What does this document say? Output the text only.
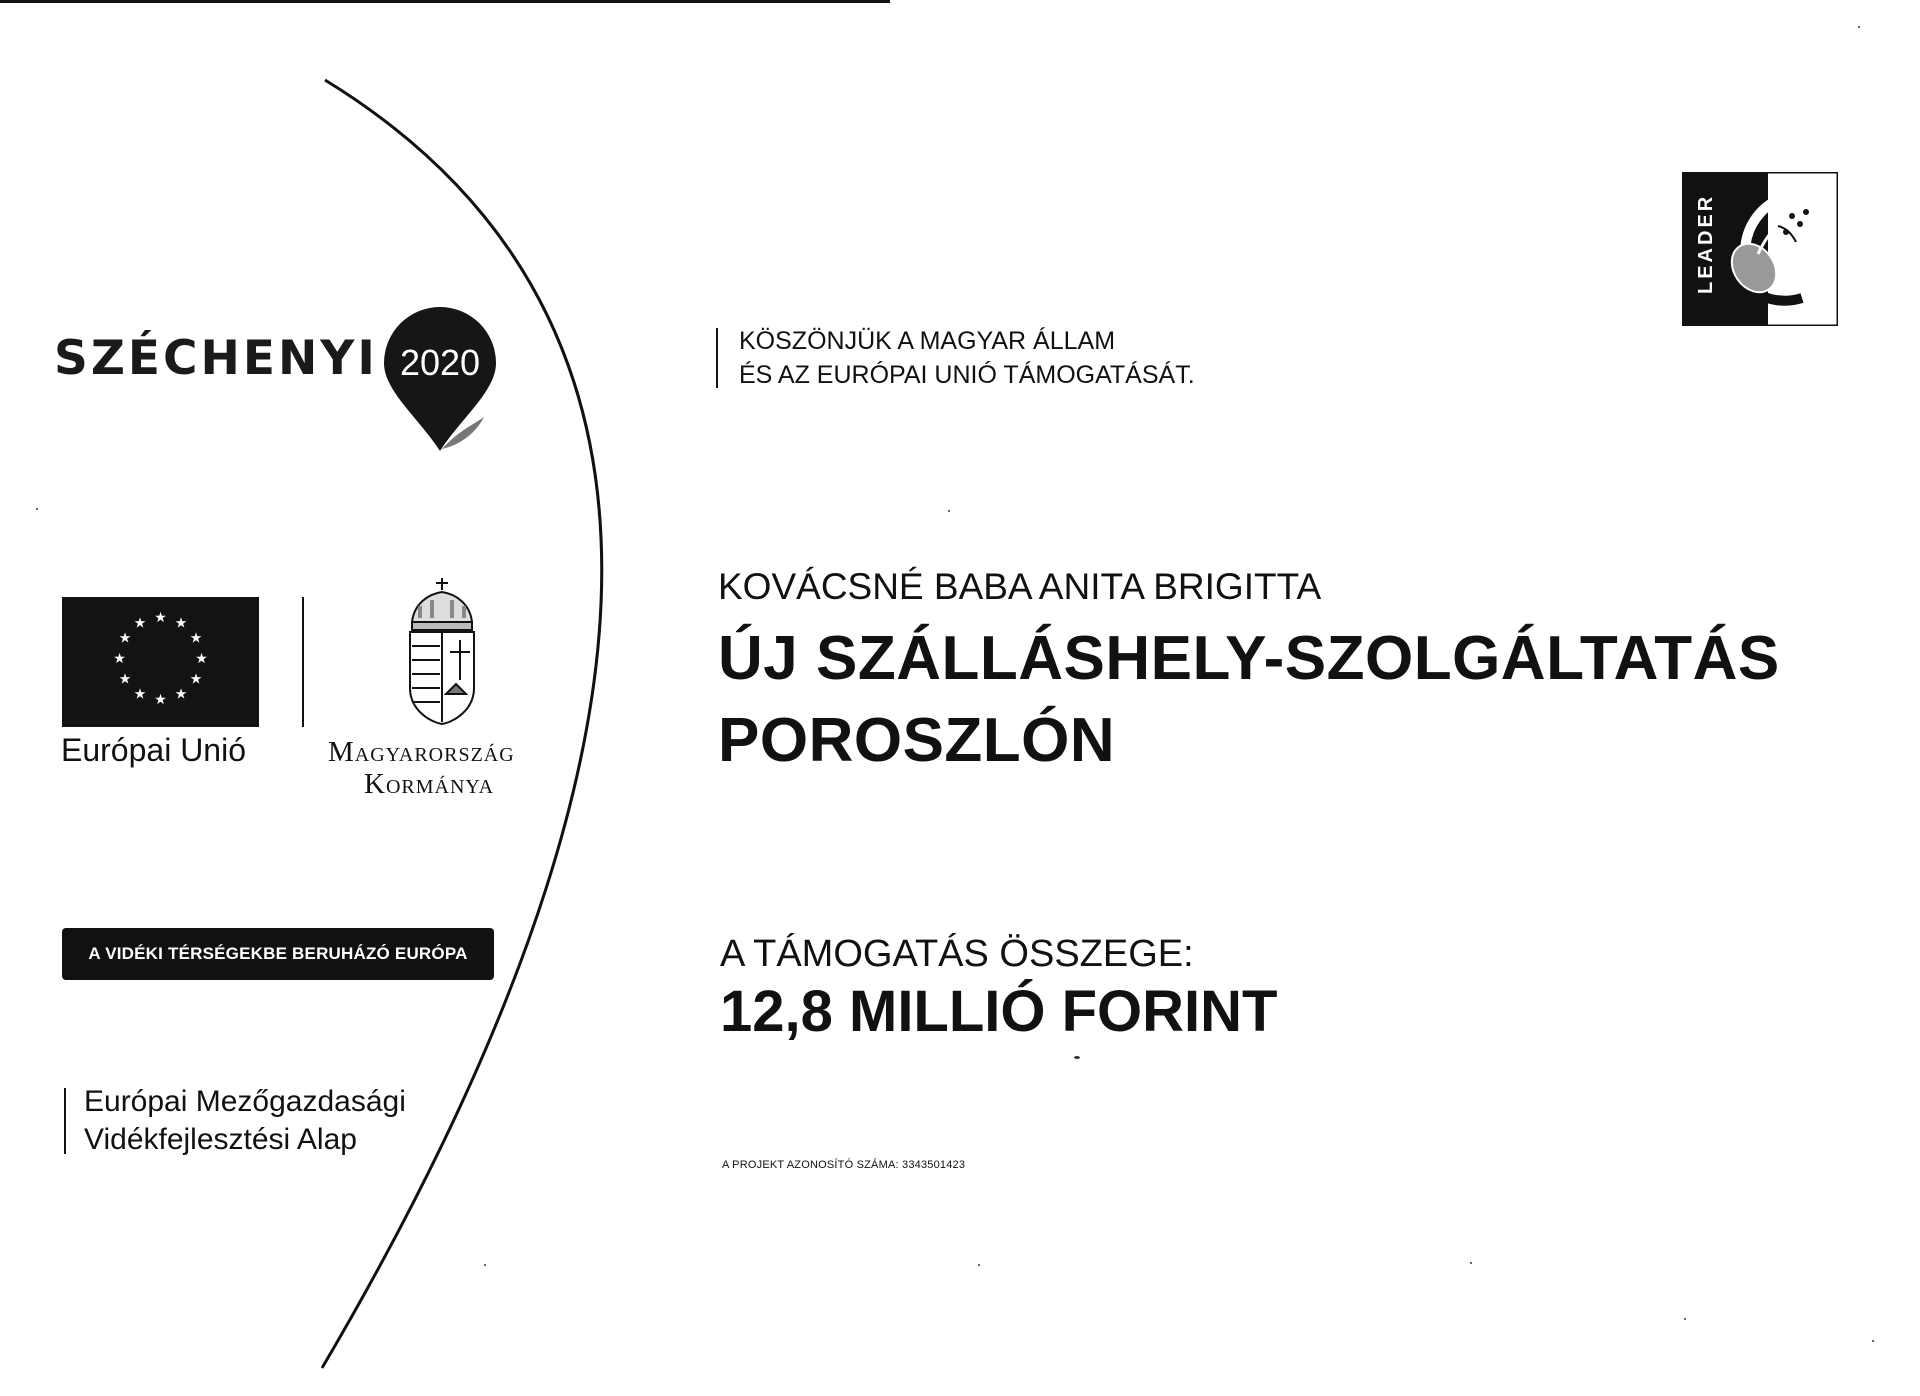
SZÉCHENYI 2020
★ ★
★
★
★
★
★
★
★
★
★
★
Európai Unió	Magyarország
Kormánya
A VIDÉKI TÉRSÉGEKBE BERUHÁZÓ EURÓPA
Európai Mezőgazdasági
Vidékfejlesztési Alap
KÖSZÖNJÜK A MAGYAR ÁLLAM
ÉS AZ EURÓPAI UNIÓ TÁMOGATÁSÁT.
LEADER
KOVÁCSNÉ BABA ANITA BRIGITTA
ÚJ SZÁLLÁSHELY-SZOLGÁLTATÁS
POROSZLÓN
A TÁMOGATÁS ÖSSZEGE:
12,8 MILLIÓ FORINT
A PROJEKT AZONOSÍTÓ SZÁMA: 3343501423
